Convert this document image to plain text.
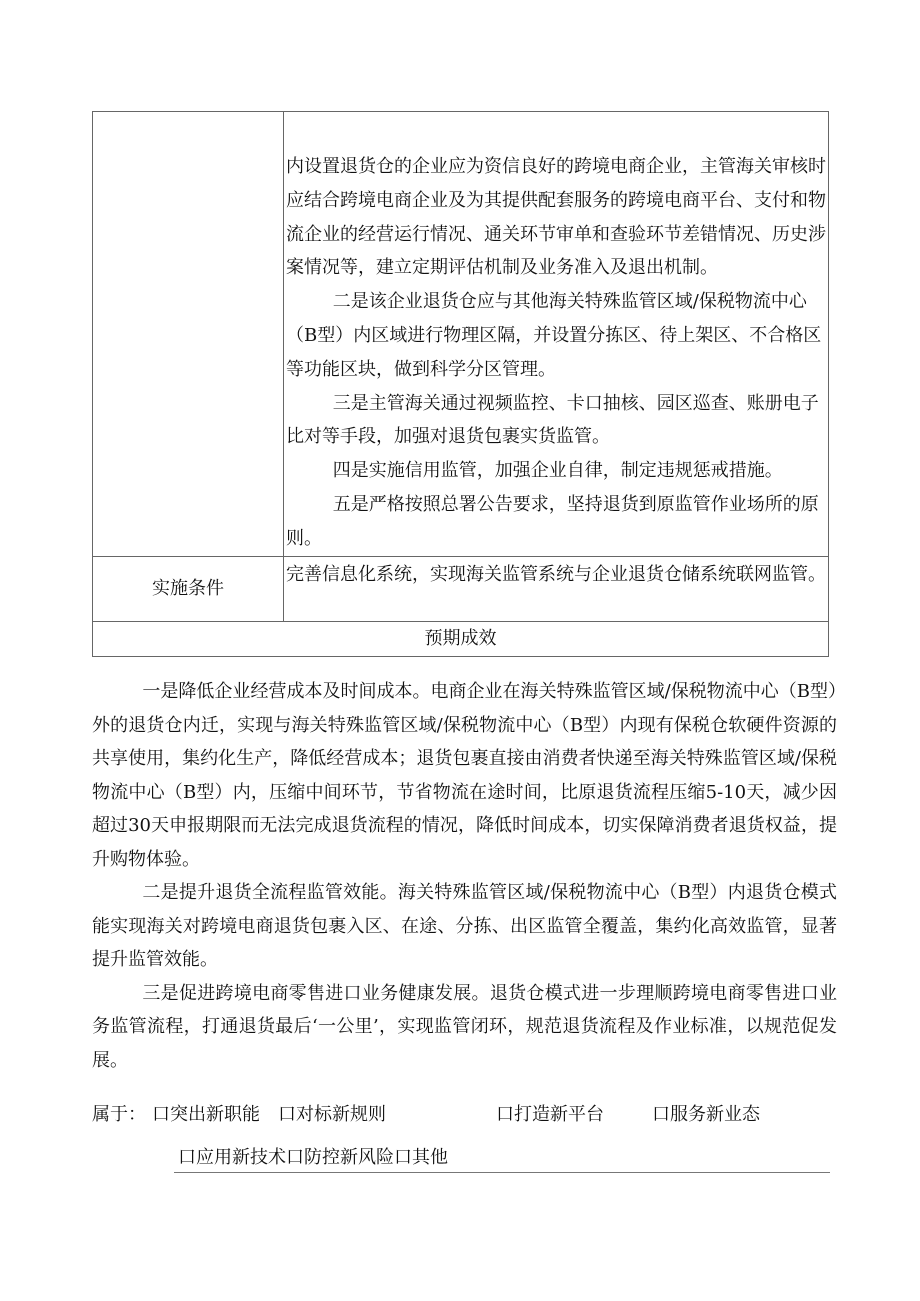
	内设置退货仓的企业应为资信良好的跨境电商企业，主管海关审核时应结合跨境电商企业及为其提供配套服务的跨境电商平台、支付和物流企业的经营运行情况、通关环节审单和查验环节差错情况、历史涉案情况等，建立定期评估机制及业务准入及退出机制。

二是该企业退货仓应与其他海关特殊监管区域/保税物流中心（B型）内区域进行物理区隔，并设置分拣区、待上架区、不合格区等功能区块，做到科学分区管理。

三是主管海关通过视频监控、卡口抽核、园区巡查、账册电子比对等手段，加强对退货包裹实货监管。

四是实施信用监管，加强企业自律，制定违规惩戒措施。

五是严格按照总署公告要求，坚持退货到原监管作业场所的原则。

实施条件	完善信息化系统，实现海关监管系统与企业退货仓储系统联网监管。

预期成效	

一是降低企业经营成本及时间成本。电商企业在海关特殊监管区域/保税物流中心（B型）外的退货仓内迁，实现与海关特殊监管区域/保税物流中心（B型）内现有保税仓软硬件资源的共享使用，集约化生产，降低经营成本；退货包裹直接由消费者快递至海关特殊监管区域/保税物流中心（B型）内，压缩中间环节，节省物流在途时间，比原退货流程压缩5-10天，减少因超过30天申报期限而无法完成退货流程的情况，降低时间成本，切实保障消费者退货权益，提升购物体验。

二是提升退货全流程监管效能。海关特殊监管区域/保税物流中心（B型）内退货仓模式能实现海关对跨境电商退货包裹入区、在途、分拣、出区监管全覆盖，集约化高效监管，显著提升监管效能。

三是促进跨境电商零售进口业务健康发展。退货仓模式进一步理顺跨境电商零售进口业务监管流程，打通退货最后‘一公里’，实现监管闭环，规范退货流程及作业标准，以规范促发展。

属于： 口突出新职能 口对标新规则	口打造新平台	口服务新业态
口应用新技术口防控新风险口其他
